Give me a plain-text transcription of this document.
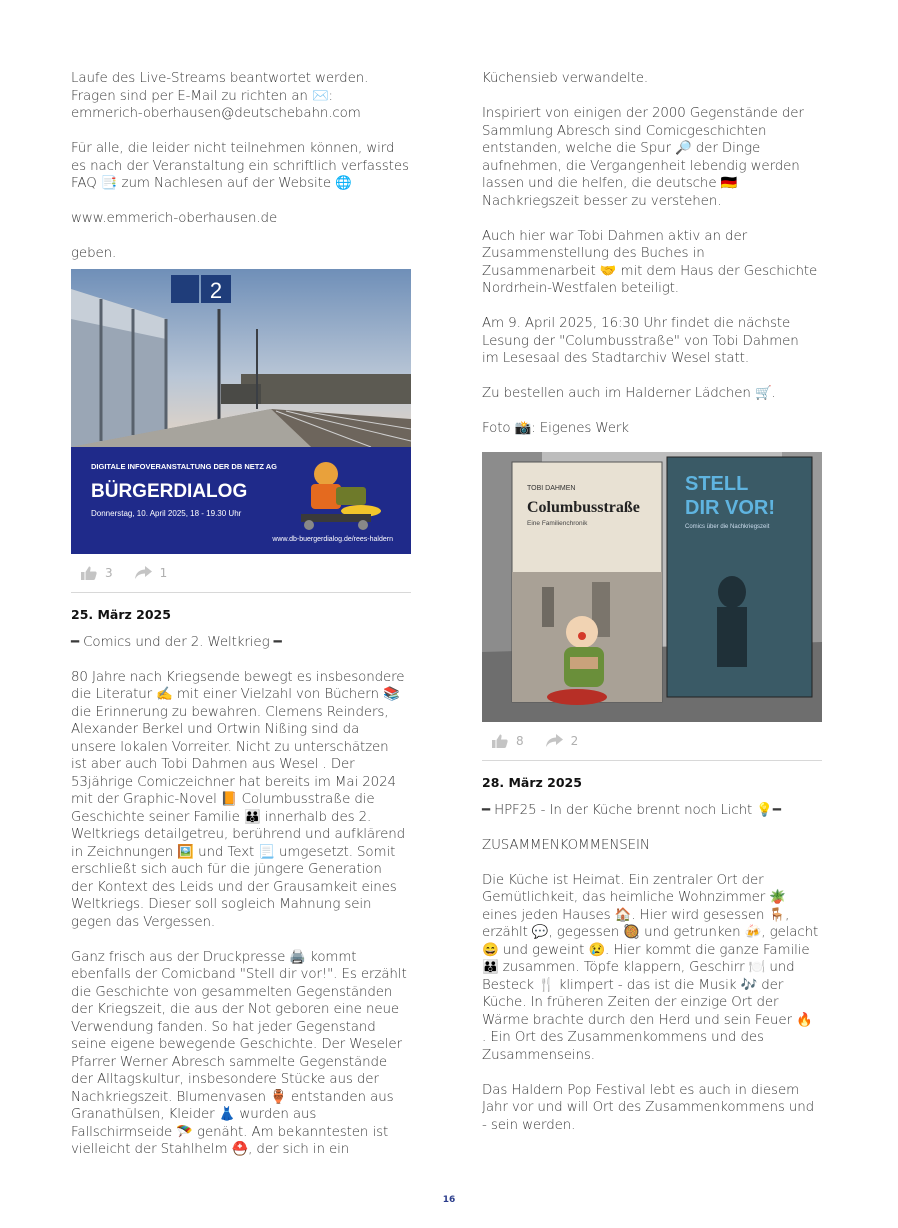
Laufe des Live-Streams beantwortet werden.
Fragen sind per E-Mail zu richten an ✉️:
emmerich-oberhausen@deutschebahn.com

Für alle, die leider nicht teilnehmen können, wird
es nach der Veranstaltung ein schriftlich verfasstes
FAQ 📑 zum Nachlesen auf der Website 🌐

www.emmerich-oberhausen.de

geben.

2
DIGITALE INFOVERANSTALTUNG DER DB NETZ AG
BÜRGERDIALOG
Donnerstag, 10. April 2025, 18 - 19.30 Uhr
www.db-buergerdialog.de/rees-haldern
3	1
25. März 2025

━ Comics und der 2. Weltkrieg ━

80 Jahre nach Kriegsende bewegt es insbesondere
die Literatur ✍️ mit einer Vielzahl von Büchern 📚
die Erinnerung zu bewahren. Clemens Reinders,
Alexander Berkel und Ortwin Nißing sind da
unsere lokalen Vorreiter. Nicht zu unterschätzen
ist aber auch Tobi Dahmen aus Wesel . Der
53jährige Comiczeichner hat bereits im Mai 2024
mit der Graphic-Novel 📙 Columbusstraße die
Geschichte seiner Familie 👪 innerhalb des 2.
Weltkriegs detailgetreu, berührend und aufklärend
in Zeichnungen 🖼️ und Text 📃 umgesetzt. Somit
erschließt sich auch für die jüngere Generation
der Kontext des Leids und der Grausamkeit eines
Weltkriegs. Dieser soll sogleich Mahnung sein
gegen das Vergessen.

Ganz frisch aus der Druckpresse 🖨️ kommt
ebenfalls der Comicband "Stell dir vor!". Es erzählt
die Geschichte von gesammelten Gegenständen
der Kriegszeit, die aus der Not geboren eine neue
Verwendung fanden. So hat jeder Gegenstand
seine eigene bewegende Geschichte. Der Weseler
Pfarrer Werner Abresch sammelte Gegenstände
der Alltagskultur, insbesondere Stücke aus der
Nachkriegszeit. Blumenvasen 🏺 entstanden aus
Granathülsen, Kleider 👗 wurden aus
Fallschirmseide 🪂 genäht. Am bekanntesten ist
vielleicht der Stahlhelm ⛑️, der sich in ein

Küchensieb verwandelte.

Inspiriert von einigen der 2000 Gegenstände der
Sammlung Abresch sind Comicgeschichten
entstanden, welche die Spur 🔎 der Dinge
aufnehmen, die Vergangenheit lebendig werden
lassen und die helfen, die deutsche 🇩🇪
Nachkriegszeit besser zu verstehen.

Auch hier war Tobi Dahmen aktiv an der
Zusammenstellung des Buches in
Zusammenarbeit 🤝 mit dem Haus der Geschichte
Nordrhein-Westfalen beteiligt.

Am 9. April 2025, 16:30 Uhr findet die nächste
Lesung der "Columbusstraße" von Tobi Dahmen
im Lesesaal des Stadtarchiv Wesel statt.

Zu bestellen auch im Halderner Lädchen 🛒.

Foto 📸: Eigenes Werk

TOBI DAHMEN
Columbusstraße
Eine Familienchronik
STELL
DIR VOR!
Comics über die Nachkriegszeit
8	2
28. März 2025

━ HPF25 - In der Küche brennt noch Licht 💡━

ZUSAMMENKOMMENSEIN

Die Küche ist Heimat. Ein zentraler Ort der
Gemütlichkeit, das heimliche Wohnzimmer 🪴
eines jeden Hauses 🏠. Hier wird gesessen 🪑,
erzählt 💬, gegessen 🥘 und getrunken 🍻, gelacht
😄 und geweint 😢. Hier kommt die ganze Familie
👪 zusammen. Töpfe klappern, Geschirr 🍽️ und
Besteck 🍴 klimpert - das ist die Musik 🎶 der
Küche. In früheren Zeiten der einzige Ort der
Wärme brachte durch den Herd und sein Feuer 🔥
. Ein Ort des Zusammenkommens und des
Zusammenseins.

Das Haldern Pop Festival lebt es auch in diesem
Jahr vor und will Ort des Zusammenkommens und
- sein werden.

16
